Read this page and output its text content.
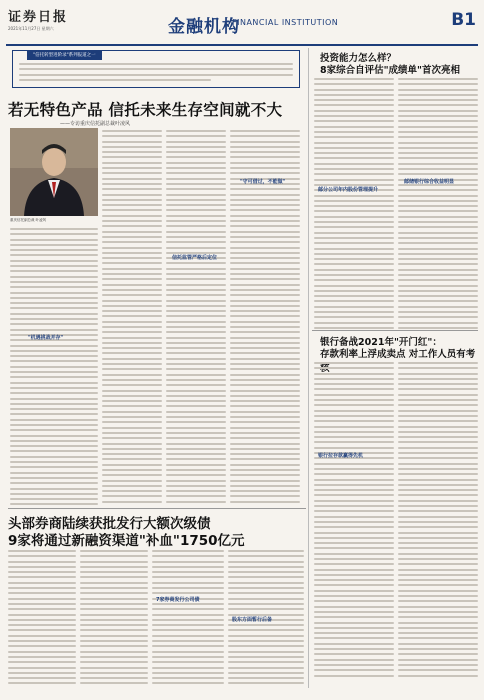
证券日报
2021年11月27日 星期六	金融机构
FINANCIAL INSTITUTION	B1
"信托转型进阶录"系列报道之一
若无特色产品 信托未来生存空间就不大
——专访重庆信托副总裁叶凌风
重庆信托副总裁 叶凌风
"机遇挑战并存"
"守可借过，不能做"
信托监管严格后定位
头部券商陆续获批发行大额次级债
9家将通过新融资渠道"补血"1750亿元
7家券商发行公司债
股东方面暂行后备
投资能力怎么样？
8家综合自评估"成绩单"首次亮相
邮分公司年内股份管理提升
邮储银行综合收益明显
银行备战2021年"开门红"：
存款利率上浮成卖点 对工作人员有考
银行拉存款赢得先机
